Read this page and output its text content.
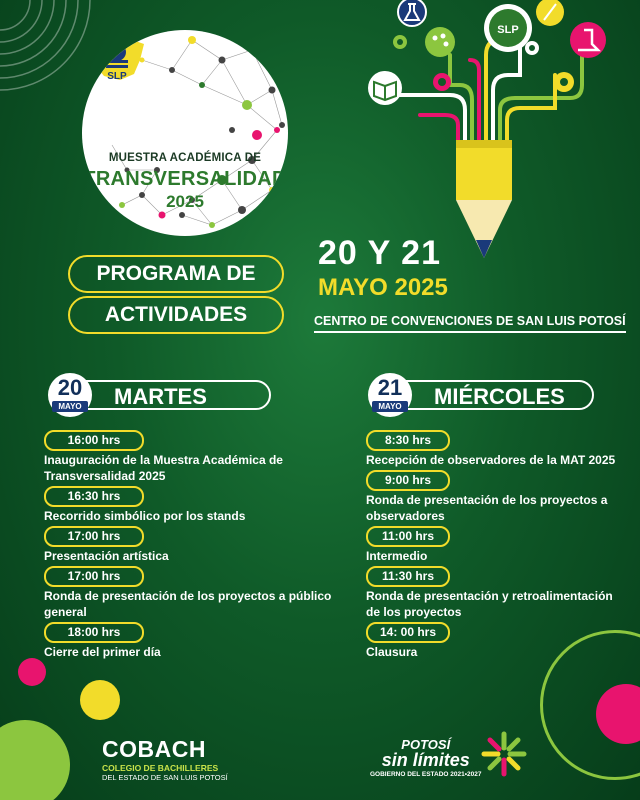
SLP
MUESTRA ACADÉMICA DE
TRANSVERSALIDAD
2025
SLP
PROGRAMA DE
ACTIVIDADES
20 Y 21
MAYO 2025
CENTRO DE CONVENCIONES DE SAN LUIS POTOSÍ
MARTES
20
MAYO	MIÉRCOLES
21
MAYO
16:00 hrs
Inauguración de la Muestra Académica de Transversalidad 2025
16:30 hrs
Recorrido simbólico por los stands
17:00 hrs
Presentación artística
17:00 hrs
Ronda de presentación de los proyectos a público general
18:00 hrs
Cierre del primer día
8:30 hrs
Recepción de observadores de la MAT 2025
9:00 hrs
Ronda de presentación de los proyectos a observadores
11:00 hrs
Intermedio
11:30 hrs
Ronda de presentación y retroalimentación de los proyectos
14: 00 hrs
Clausura
COBACH
COLEGIO DE BACHILLERES
DEL ESTADO DE SAN LUIS POTOSÍ
POTOSÍ
sin límites
GOBIERNO DEL ESTADO 2021•2027
